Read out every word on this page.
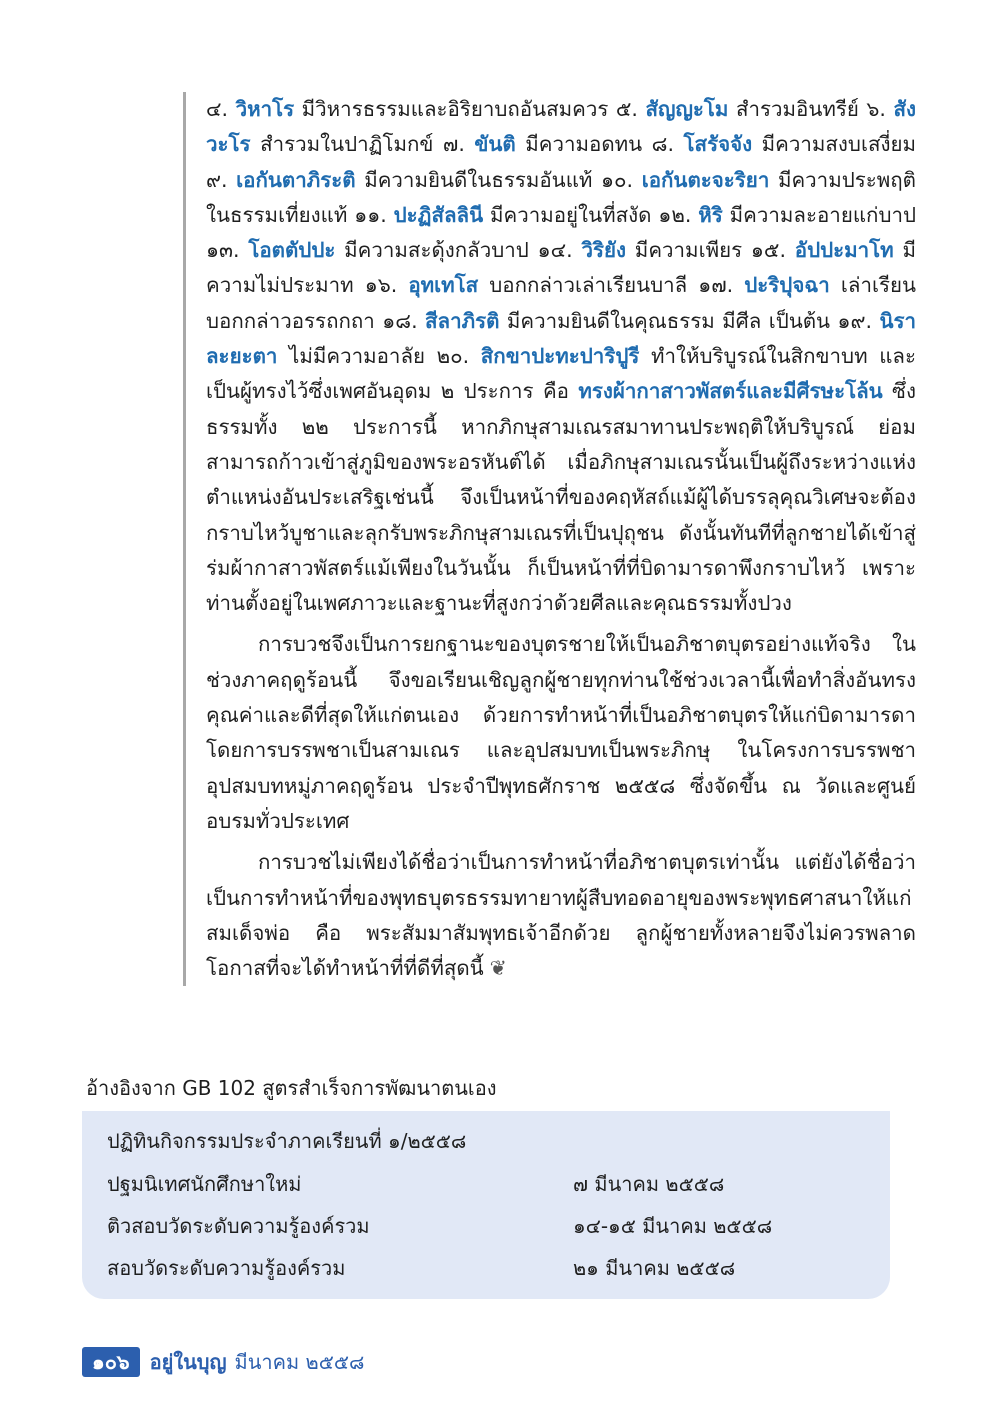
๔. วิหาโร มีวิหารธรรมและอิริยาบถอันสมควร ๕. สัญญะโม สำรวมอินทรีย์ ๖. สังวะโร สำรวมในปาฏิโมกข์ ๗. ขันติ มีความอดทน ๘. โสรัจจัง มีความสงบเสงี่ยม ๙. เอกันตาภิระติ มีความยินดีในธรรมอันแท้ ๑๐. เอกันตะจะริยา มีความประพฤติในธรรมเที่ยงแท้ ๑๑. ปะฏิสัลลินี มีความอยู่ในที่สงัด ๑๒. หิริ มีความละอายแก่บาป ๑๓. โอตตัปปะ มีความสะดุ้งกลัวบาป ๑๔. วิริยัง มีความเพียร ๑๕. อัปปะมาโท มีความไม่ประมาท ๑๖. อุทเทโส บอกกล่าวเล่าเรียนบาลี ๑๗. ปะริปุจฉา เล่าเรียนบอกกล่าวอรรถกถา ๑๘. สีลาภิรติ มีความยินดีในคุณธรรม มีศีล เป็นต้น ๑๙. นิราละยะตา ไม่มีความอาลัย ๒๐. สิกขาปะทะปาริปูรี ทำให้บริบูรณ์ในสิกขาบท และเป็นผู้ทรงไว้ซึ่งเพศอันอุดม ๒ ประการ คือ ทรงผ้ากาสาวพัสตร์และมีศีรษะโล้น ซึ่งธรรมทั้ง ๒๒ ประการนี้ หากภิกษุสามเณรสมาทานประพฤติให้บริบูรณ์ ย่อมสามารถก้าวเข้าสู่ภูมิของพระอรหันต์ได้ เมื่อภิกษุสามเณรนั้นเป็นผู้ถึงระหว่างแห่งตำแหน่งอันประเสริฐเช่นนี้ จึงเป็นหน้าที่ของคฤหัสถ์แม้ผู้ได้บรรลุคุณวิเศษจะต้องกราบไหว้บูชาและลุกรับพระภิกษุสามเณรที่เป็นปุถุชน ดังนั้นทันทีที่ลูกชายได้เข้าสู่ร่มผ้ากาสาวพัสตร์แม้เพียงในวันนั้น ก็เป็นหน้าที่ที่บิดามารดาพึงกราบไหว้ เพราะท่านตั้งอยู่ในเพศภาวะและฐานะที่สูงกว่าด้วยศีลและคุณธรรมทั้งปวง

การบวชจึงเป็นการยกฐานะของบุตรชายให้เป็นอภิชาตบุตรอย่างแท้จริง ในช่วงภาคฤดูร้อนนี้ จึงขอเรียนเชิญลูกผู้ชายทุกท่านใช้ช่วงเวลานี้เพื่อทำสิ่งอันทรงคุณค่าและดีที่สุดให้แก่ตนเอง ด้วยการทำหน้าที่เป็นอภิชาตบุตรให้แก่บิดามารดาโดยการบรรพชาเป็นสามเณร และอุปสมบทเป็นพระภิกษุ ในโครงการบรรพชาอุปสมบทหมู่ภาคฤดูร้อน ประจำปีพุทธศักราช ๒๕๕๘ ซึ่งจัดขึ้น ณ วัดและศูนย์อบรมทั่วประเทศ

การบวชไม่เพียงได้ชื่อว่าเป็นการทำหน้าที่อภิชาตบุตรเท่านั้น แต่ยังได้ชื่อว่าเป็นการทำหน้าที่ของพุทธบุตรธรรมทายาทผู้สืบทอดอายุของพระพุทธศาสนาให้แก่สมเด็จพ่อ คือ พระสัมมาสัมพุทธเจ้าอีกด้วย ลูกผู้ชายทั้งหลายจึงไม่ควรพลาดโอกาสที่จะได้ทำหน้าที่ที่ดีที่สุดนี้ ❦

อ้างอิงจาก GB 102 สูตรสำเร็จการพัฒนาตนเอง
ปฏิทินกิจกรรมประจำภาคเรียนที่ ๑/๒๕๕๘
ปฐมนิเทศนักศึกษาใหม่	๗ มีนาคม ๒๕๕๘
ติวสอบวัดระดับความรู้องค์รวม	๑๔-๑๕ มีนาคม ๒๕๕๘
สอบวัดระดับความรู้องค์รวม	๒๑ มีนาคม ๒๕๕๘
๑๐๖	อยู่ในบุญ มีนาคม ๒๕๕๘
